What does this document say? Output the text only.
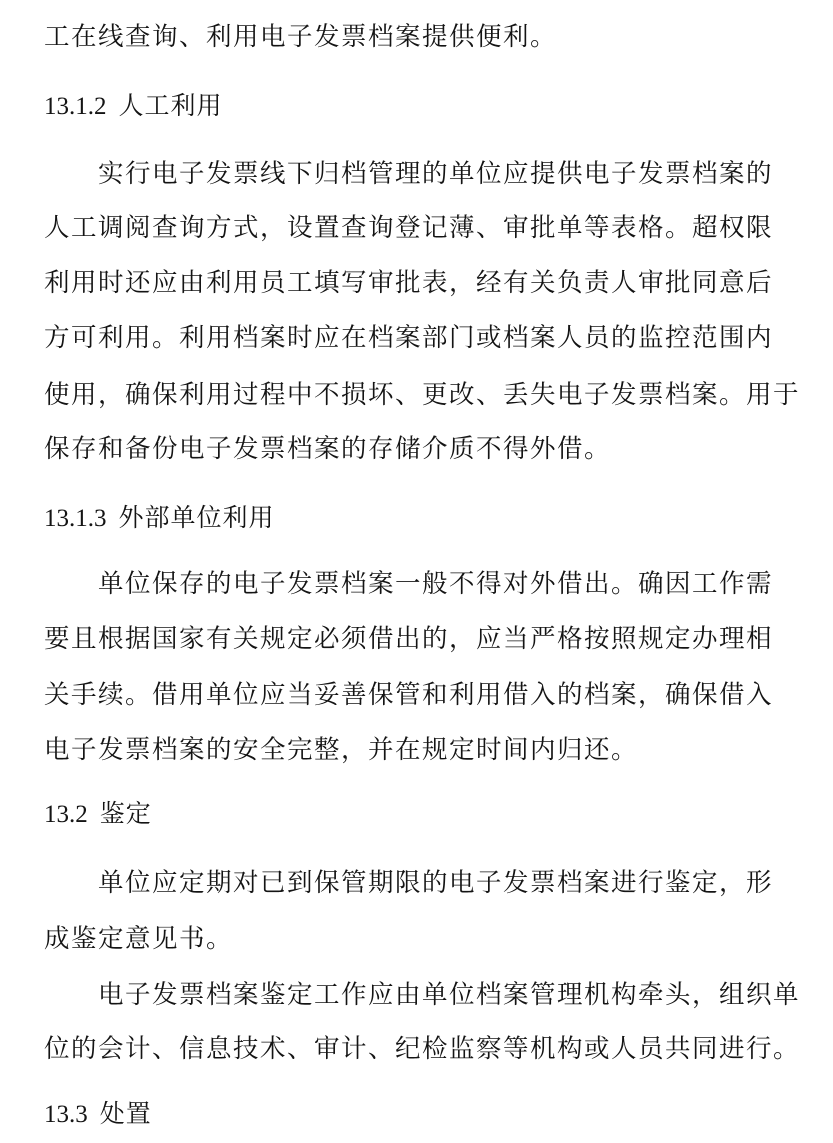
工在线查询、利用电子发票档案提供便利。
13.1.2 人工利用
实行电子发票线下归档管理的单位应提供电子发票档案的
人工调阅查询方式，设置查询登记薄、审批单等表格。超权限
利用时还应由利用员工填写审批表，经有关负责人审批同意后
方可利用。利用档案时应在档案部门或档案人员的监控范围内
使用，确保利用过程中不损坏、更改、丢失电子发票档案。用于
保存和备份电子发票档案的存储介质不得外借。
13.1.3 外部单位利用
单位保存的电子发票档案一般不得对外借出。确因工作需
要且根据国家有关规定必须借出的，应当严格按照规定办理相
关手续。借用单位应当妥善保管和利用借入的档案，确保借入
电子发票档案的安全完整，并在规定时间内归还。
13.2 鉴定
单位应定期对已到保管期限的电子发票档案进行鉴定，形
成鉴定意见书。
电子发票档案鉴定工作应由单位档案管理机构牵头，组织单
位的会计、信息技术、审计、纪检监察等机构或人员共同进行。
13.3 处置
